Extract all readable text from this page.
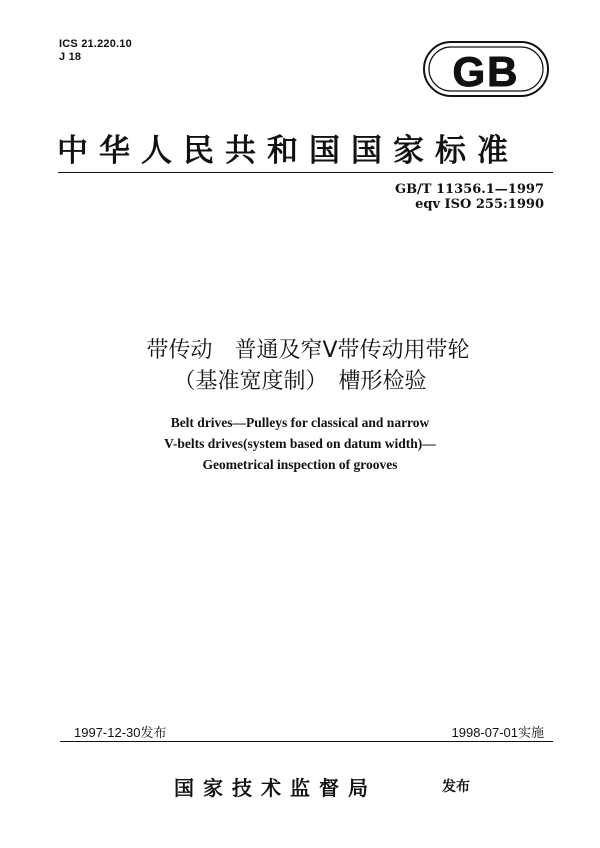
ICS 21.220.10
J 18	GB
中华人民共和国国家标准
GB/T 11356.1—1997
eqv ISO 255:1990
带传动　普通及窄V带传动用带轮
（基准宽度制）　槽形检验
Belt drives—Pulleys for classical and narrow
V-belts drives(system based on datum width)—
Geometrical inspection of grooves
1997-12-30发布	1998-07-01实施
国家技术监督局	发布
